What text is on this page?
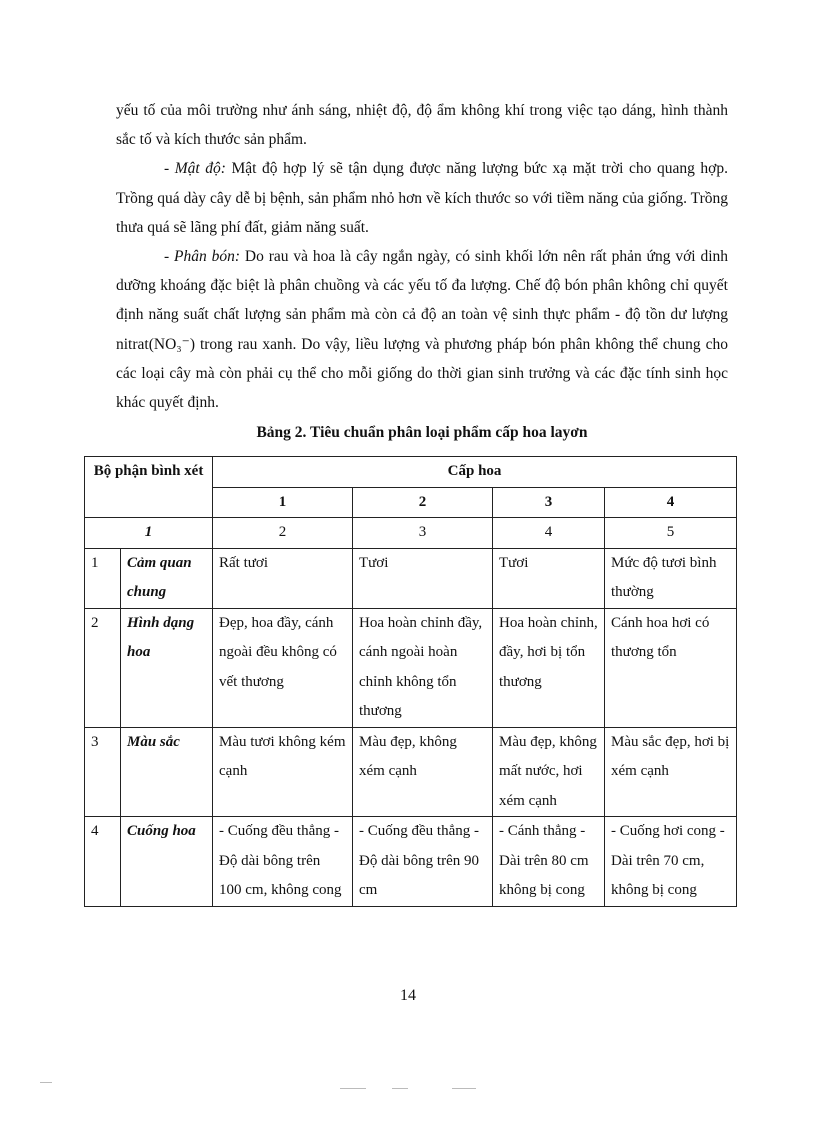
yếu tố của môi trường như ánh sáng, nhiệt độ, độ ẩm không khí trong việc tạo dáng, hình thành sắc tố và kích thước sản phẩm.

- Mật độ: Mật độ hợp lý sẽ tận dụng được năng lượng bức xạ mặt trời cho quang hợp. Trồng quá dày cây dễ bị bệnh, sản phẩm nhỏ hơn về kích thước so với tiềm năng của giống. Trồng thưa quá sẽ lãng phí đất, giảm năng suất.

- Phân bón: Do rau và hoa là cây ngắn ngày, có sinh khối lớn nên rất phản ứng với dinh dưỡng khoáng đặc biệt là phân chuồng và các yếu tố đa lượng. Chế độ bón phân không chỉ quyết định năng suất chất lượng sản phẩm mà còn cả độ an toàn vệ sinh thực phẩm - độ tồn dư lượng nitrat(NO₃⁻) trong rau xanh. Do vậy, liều lượng và phương pháp bón phân không thể chung cho các loại cây mà còn phải cụ thể cho mỗi giống do thời gian sinh trưởng và các đặc tính sinh học khác quyết định.

Bảng 2. Tiêu chuẩn phân loại phẩm cấp hoa layơn
Bộ phận bình xét		Cấp hoa			
		1	2	3	4
1		2	3	4	5
1	Cảm quan chung	Rất tươi	Tươi	Tươi	Mức độ tươi bình thường
2	Hình dạng hoa	Đẹp, hoa đầy, cánh ngoài đều không có vết thương	Hoa hoàn chỉnh đầy, cánh ngoài hoàn chỉnh không tổn thương	Hoa hoàn chỉnh, đầy, hơi bị tổn thương	Cánh hoa hơi có thương tổn
3	Màu sắc	Màu tươi không kém cạnh	Màu đẹp, không xém cạnh	Màu đẹp, không mất nước, hơi xém cạnh	Màu sắc đẹp, hơi bị xém cạnh
4	Cuống hoa	- Cuống đều thẳng - Độ dài bông trên 100 cm, không cong	- Cuống đều thẳng - Độ dài bông trên 90 cm	- Cánh thẳng - Dài trên 80 cm không bị cong	- Cuống hơi cong - Dài trên 70 cm, không bị cong
14
